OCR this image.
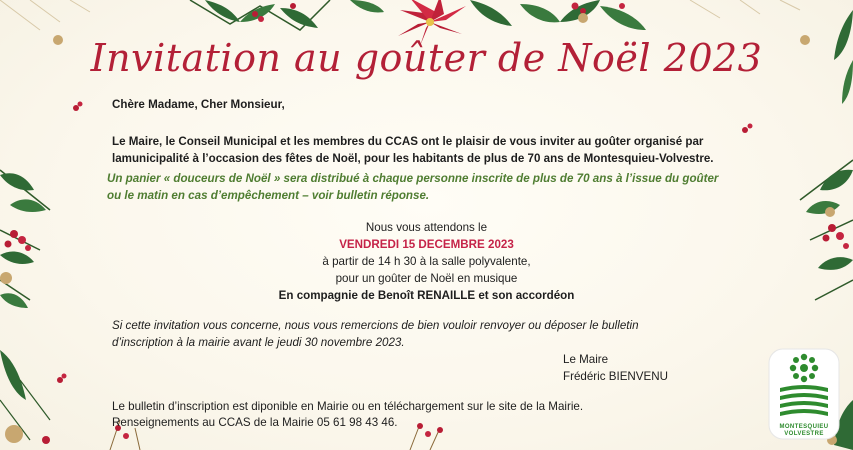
Invitation au goûter de Noël 2023
Chère Madame, Cher Monsieur,
Le Maire, le Conseil Municipal et les membres du CCAS ont le plaisir de vous inviter au goûter organisé par
lamunicipalité à l’occasion des fêtes de Noël, pour les habitants de plus de 70 ans de Montesquieu-Volvestre.
Un panier « douceurs de Noël » sera distribué à chaque personne inscrite de plus de 70 ans à l’issue du goûter
ou le matin en cas d’empêchement – voir bulletin réponse.
Nous vous attendons le
VENDREDI 15 DECEMBRE 2023
à partir de 14 h 30 à la salle polyvalente,
pour un goûter de Noël en musique
En compagnie de Benoît RENAILLE et son accordéon
Si cette invitation vous concerne, nous vous remercions de bien vouloir renvoyer ou déposer le bulletin
d’inscription à la mairie avant le jeudi 30 novembre 2023.
Le Maire
Frédéric BIENVENU
Le bulletin d’inscription est diponible en Mairie ou en téléchargement sur le site de la Mairie.
Renseignements au CCAS de la Mairie 05 61 98 43 46.	MONTESQUIEU
VOLVESTRE
